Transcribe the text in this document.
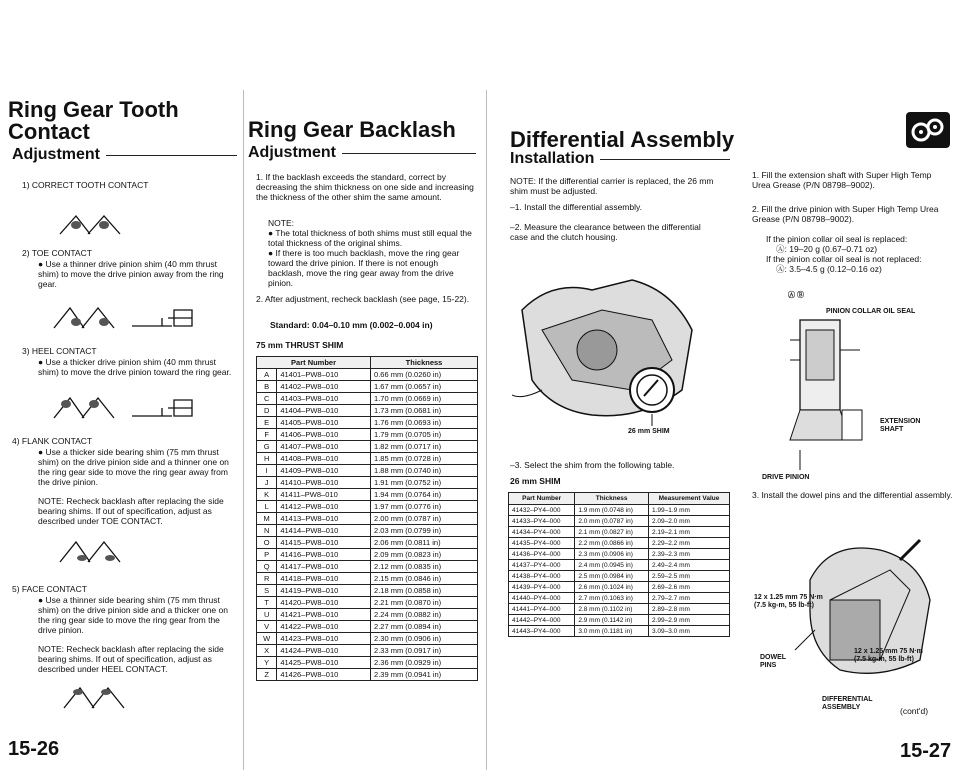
Ring Gear Tooth
Contact
Adjustment
1) CORRECT TOOTH CONTACT
2) TOE CONTACT
● Use a thinner drive pinion shim (40 mm thrust shim) to move the drive pinion away from the ring gear.
3) HEEL CONTACT
● Use a thicker drive pinion shim (40 mm thrust shim) to move the drive pinion toward the ring gear.
4) FLANK CONTACT
● Use a thicker side bearing shim (75 mm thrust shim) on the drive pinion side and a thinner one on the ring gear side to move the ring gear away from the drive pinion.
NOTE: Recheck backlash after replacing the side bearing shims. If out of specification, adjust as described under TOE CONTACT.
5) FACE CONTACT
● Use a thinner side bearing shim (75 mm thrust shim) on the drive pinion side and a thicker one on the ring gear side to move the ring gear from the drive pinion.
NOTE: Recheck backlash after replacing the side bearing shims. If out of specification, adjust as described under HEEL CONTACT.
15-26
Ring Gear Backlash
Adjustment
1. If the backlash exceeds the standard, correct by decreasing the shim thickness on one side and increasing the thickness of the other shim the same amount.
NOTE:
● The total thickness of both shims must still equal the total thickness of the original shims.
● If there is too much backlash, move the ring gear toward the drive pinion. If there is not enough backlash, move the ring gear away from the drive pinion.
2. After adjustment, recheck backlash (see page, 15-22).
Standard: 0.04–0.10 mm (0.002–0.004 in)
75 mm THRUST SHIM
Part Number		Thickness
A	41401–PW8–010	0.66 mm (0.0260 in)
B	41402–PW8–010	1.67 mm (0.0657 in)
C	41403–PW8–010	1.70 mm (0.0669 in)
D	41404–PW8–010	1.73 mm (0.0681 in)
E	41405–PW8–010	1.76 mm (0.0693 in)
F	41406–PW8–010	1.79 mm (0.0705 in)
G	41407–PW8–010	1.82 mm (0.0717 in)
H	41408–PW8–010	1.85 mm (0.0728 in)
I	41409–PW8–010	1.88 mm (0.0740 in)
J	41410–PW8–010	1.91 mm (0.0752 in)
K	41411–PW8–010	1.94 mm (0.0764 in)
L	41412–PW8–010	1.97 mm (0.0776 in)
M	41413–PW8–010	2.00 mm (0.0787 in)
N	41414–PW8–010	2.03 mm (0.0799 in)
O	41415–PW8–010	2.06 mm (0.0811 in)
P	41416–PW8–010	2.09 mm (0.0823 in)
Q	41417–PW8–010	2.12 mm (0.0835 in)
R	41418–PW8–010	2.15 mm (0.0846 in)
S	41419–PW8–010	2.18 mm (0.0858 in)
T	41420–PW8–010	2.21 mm (0.0870 in)
U	41421–PW8–010	2.24 mm (0.0882 in)
V	41422–PW8–010	2.27 mm (0.0894 in)
W	41423–PW8–010	2.30 mm (0.0906 in)
X	41424–PW8–010	2.33 mm (0.0917 in)
Y	41425–PW8–010	2.36 mm (0.0929 in)
Z	41426–PW8–010	2.39 mm (0.0941 in)
Differential Assembly
Installation
NOTE: If the differential carrier is replaced, the 26 mm shim must be adjusted.
–1. Install the differential assembly.
–2. Measure the clearance between the differential case and the clutch housing.
26 mm SHIM
–3. Select the shim from the following table.
26 mm SHIM
Part Number	Thickness	Measurement Value
41432–PY4–000	1.9 mm (0.0748 in)	1.99–1.9 mm
41433–PY4–000	2.0 mm (0.0787 in)	2.09–2.0 mm
41434–PY4–000	2.1 mm (0.0827 in)	2.19–2.1 mm
41435–PY4–000	2.2 mm (0.0866 in)	2.29–2.2 mm
41436–PY4–000	2.3 mm (0.0906 in)	2.39–2.3 mm
41437–PY4–000	2.4 mm (0.0945 in)	2.49–2.4 mm
41438–PY4–000	2.5 mm (0.0984 in)	2.59–2.5 mm
41439–PY4–000	2.6 mm (0.1024 in)	2.69–2.6 mm
41440–PY4–000	2.7 mm (0.1063 in)	2.79–2.7 mm
41441–PY4–000	2.8 mm (0.1102 in)	2.89–2.8 mm
41442–PY4–000	2.9 mm (0.1142 in)	2.99–2.9 mm
41443–PY4–000	3.0 mm (0.1181 in)	3.09–3.0 mm
1. Fill the extension shaft with Super High Temp Urea Grease (P/N 08798–9002).
2. Fill the drive pinion with Super High Temp Urea Grease (P/N 08798–9002).
If the pinion collar oil seal is replaced:
Ⓐ: 19–20 g (0.67–0.71 oz)
If the pinion collar oil seal is not replaced:
Ⓐ: 3.5–4.5 g (0.12–0.16 oz)
Ⓐ Ⓑ
PINION COLLAR OIL SEAL
EXTENSION SHAFT
DRIVE PINION
3. Install the dowel pins and the differential assembly.
12 x 1.25 mm 75 N·m (7.5 kg-m, 55 lb-ft)
12 x 1.25 mm 75 N·m (7.5 kg-m, 55 lb-ft)
DOWEL PINS
DIFFERENTIAL ASSEMBLY	(cont'd)
15-27
